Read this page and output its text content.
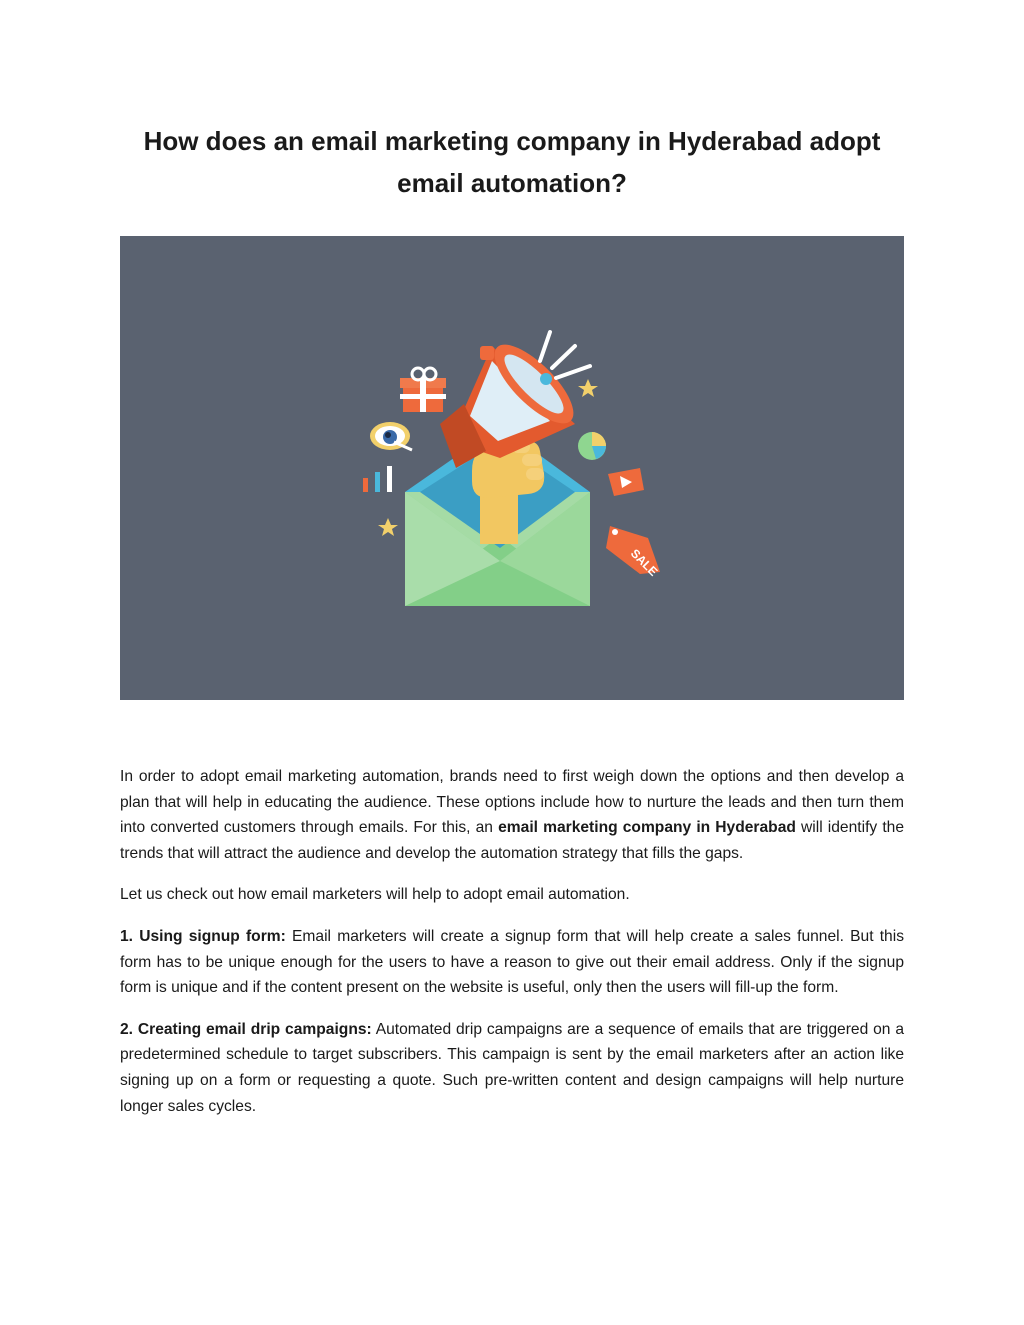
How does an email marketing company in Hyderabad adopt email automation?
SALE

In order to adopt email marketing automation, brands need to first weigh down the options and then develop a plan that will help in educating the audience. These options include how to nurture the leads and then turn them into converted customers through emails. For this, an email marketing company in Hyderabad will identify the trends that will attract the audience and develop the automation strategy that fills the gaps.

Let us check out how email marketers will help to adopt email automation.

1. Using signup form: Email marketers will create a signup form that will help create a sales funnel. But this form has to be unique enough for the users to have a reason to give out their email address. Only if the signup form is unique and if the content present on the website is useful, only then the users will fill-up the form.

2. Creating email drip campaigns: Automated drip campaigns are a sequence of emails that are triggered on a predetermined schedule to target subscribers. This campaign is sent by the email marketers after an action like signing up on a form or requesting a quote. Such pre-written content and design campaigns will help nurture longer sales cycles.
